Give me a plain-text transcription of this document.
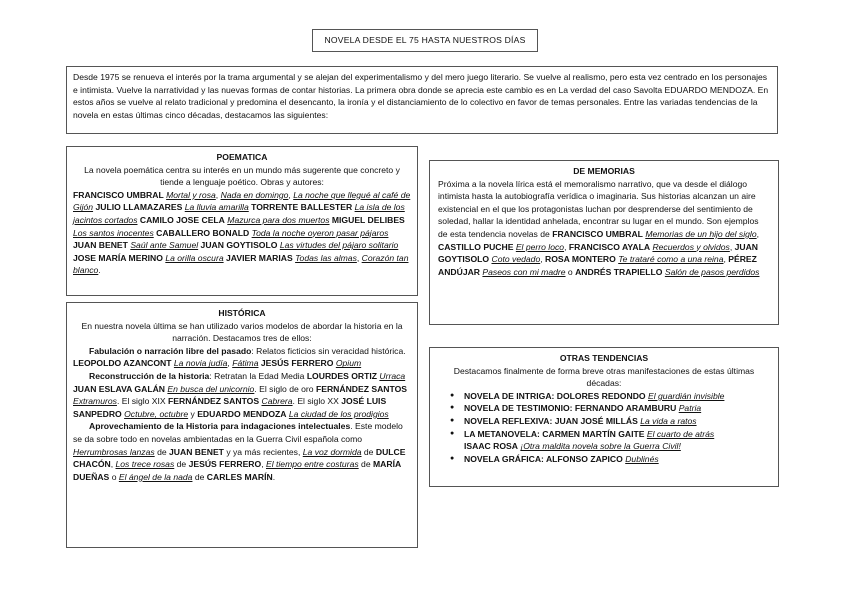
NOVELA DESDE EL 75 HASTA NUESTROS DÍAS
Desde 1975 se renueva el interés por la trama argumental y se alejan del experimentalismo y del mero juego literario. Se vuelve al realismo, pero esta vez centrado en los personajes e intimista. Vuelve la narratividad y las nuevas formas de contar historias. La primera obra donde se aprecia este cambio es en La verdad del caso Savolta EDUARDO MENDOZA. En estos años se vuelve al relato tradicional y predomina el desencanto, la ironía y el distanciamiento de lo colectivo en favor de temas personales. Entre las variadas tendencias de la novela en estas últimas cinco décadas, destacamos las siguientes:

POEMATICA

La novela poemática centra su interés en un mundo más sugerente que concreto y tiende a lenguaje poético. Obras y autores:

FRANCISCO UMBRAL Mortal y rosa, Nada en domingo, La noche que llegué al café de Gijón JULIO LLAMAZARES La lluvia amarilla TORRENTE BALLESTER La isla de los jacintos cortados CAMILO JOSE CELA Mazurca para dos muertos MIGUEL DELIBES Los santos inocentes CABALLERO BONALD Toda la noche oyeron pasar pájaros JUAN BENET Saúl ante Samuel JUAN GOYTISOLO Las virtudes del pájaro solitario JOSE MARÍA MERINO La orilla oscura JAVIER MARIAS Todas las almas, Corazón tan blanco.

HISTÓRICA

En nuestra novela última se han utilizado varios modelos de abordar la historia en la narración. Destacamos tres de ellos:

Fabulación o narración libre del pasado: Relatos ficticios sin veracidad histórica. LEOPOLDO AZANCONT La novia judía, Fátima JESÚS FERRERO Opium

Reconstrucción de la historia: Retratan la Edad Media LOURDES ORTIZ Urraca JUAN ESLAVA GALÁN En busca del unicornio. El siglo de oro FERNÁNDEZ SANTOS Extramuros. El siglo XIX FERNÁNDEZ SANTOS Cabrera. El siglo XX JOSÉ LUIS SANPEDRO Octubre, octubre y EDUARDO MENDOZA La ciudad de los prodigios

Aprovechamiento de la Historia para indagaciones intelectuales. Este modelo se da sobre todo en novelas ambientadas en la Guerra Civil española como Herrumbrosas lanzas de JUAN BENET y ya más recientes, La voz dormida de DULCE CHACÓN, Los trece rosas de JESÚS FERRERO, El tiempo entre costuras de MARÍA DUEÑAS o El ángel de la nada de CARLES MARÍN.

DE MEMORIAS

Próxima a la novela lírica está el memoralismo narrativo, que va desde el diálogo intimista hasta la autobiografía verídica o imaginaria. Sus historias alcanzan un aire existencial en el que los protagonistas luchan por desprenderse del sentimiento de soledad, hallar la identidad anhelada, encontrar su lugar en el mundo. Son ejemplos de esta tendencia novelas de FRANCISCO UMBRAL Memorias de un hijo del siglo, CASTILLO PUCHE El perro loco, FRANCISCO AYALA Recuerdos y olvidos, JUAN GOYTISOLO Coto vedado, ROSA MONTERO Te trataré como a una reina, PÉREZ ANDÚJAR Paseos con mi madre o ANDRÉS TRAPIELLO Salón de pasos perdidos

OTRAS TENDENCIAS

Destacamos finalmente de forma breve otras manifestaciones de estas últimas décadas:

● NOVELA DE INTRIGA: DOLORES REDONDO El guardián invisible
● NOVELA DE TESTIMONIO: FERNANDO ARAMBURU Patria
● NOVELA REFLEXIVA: JUAN JOSÉ MILLÁS La vida a ratos
● LA METANOVELA: CARMEN MARTÍN GAITE El cuarto de atrás
ISAAC ROSA ¡Otra maldita novela sobre la Guerra Civil!
● NOVELA GRÁFICA: ALFONSO ZAPICO Dublinés
